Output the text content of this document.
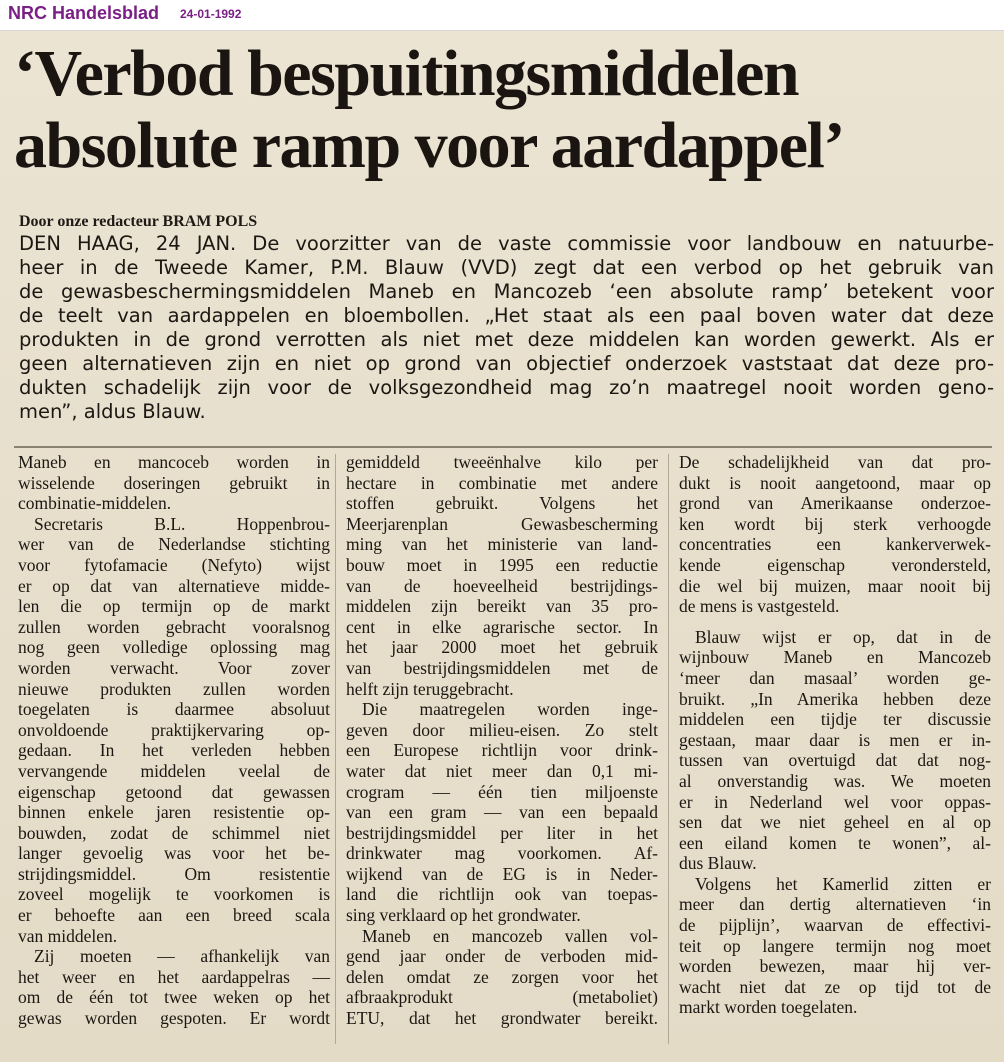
NRC Handelsblad 24-01-1992
‘Verbod bespuitingsmiddelen
absolute ramp voor aardappel’
Door onze redacteur BRAM POLS
DEN HAAG, 24 JAN. De voorzitter van de vaste commissie voor landbouw en natuurbe-
heer in de Tweede Kamer, P.M. Blauw (VVD) zegt dat een verbod op het gebruik van
de gewasbeschermingsmiddelen Maneb en Mancozeb ‘een absolute ramp’ betekent voor
de teelt van aardappelen en bloembollen. „Het staat als een paal boven water dat deze
produkten in de grond verrotten als niet met deze middelen kan worden gewerkt. Als er
geen alternatieven zijn en niet op grond van objectief onderzoek vaststaat dat deze pro-
dukten schadelijk zijn voor de volksgezondheid mag zo’n maatregel nooit worden geno-
men”, aldus Blauw.
Maneb en mancoceb worden in
wisselende doseringen gebruikt in
combinatie-middelen.
Secretaris B.L. Hoppenbrou-
wer van de Nederlandse stichting
voor fytofamacie (Nefyto) wijst
er op dat van alternatieve midde-
len die op termijn op de markt
zullen worden gebracht vooralsnog
nog geen volledige oplossing mag
worden verwacht. Voor zover
nieuwe produkten zullen worden
toegelaten is daarmee absoluut
onvoldoende praktijkervaring op-
gedaan. In het verleden hebben
vervangende middelen veelal de
eigenschap getoond dat gewassen
binnen enkele jaren resistentie op-
bouwden, zodat de schimmel niet
langer gevoelig was voor het be-
strijdingsmiddel. Om resistentie
zoveel mogelijk te voorkomen is
er behoefte aan een breed scala
van middelen.
Zij moeten — afhankelijk van
het weer en het aardappelras —
om de één tot twee weken op het
gewas worden gespoten. Er wordt
gemiddeld tweeënhalve kilo per
hectare in combinatie met andere
stoffen gebruikt. Volgens het
Meerjarenplan Gewasbescherming
ming van het ministerie van land-
bouw moet in 1995 een reductie
van de hoeveelheid bestrijdings-
middelen zijn bereikt van 35 pro-
cent in elke agrarische sector. In
het jaar 2000 moet het gebruik
van bestrijdingsmiddelen met de
helft zijn teruggebracht.
Die maatregelen worden inge-
geven door milieu-eisen. Zo stelt
een Europese richtlijn voor drink-
water dat niet meer dan 0,1 mi-
crogram — één tien miljoenste
van een gram — van een bepaald
bestrijdingsmiddel per liter in het
drinkwater mag voorkomen. Af-
wijkend van de EG is in Neder-
land die richtlijn ook van toepas-
sing verklaard op het grondwater.
Maneb en mancozeb vallen vol-
gend jaar onder de verboden mid-
delen omdat ze zorgen voor het
afbraakprodukt (metaboliet)
ETU, dat het grondwater bereikt.
De schadelijkheid van dat pro-
dukt is nooit aangetoond, maar op
grond van Amerikaanse onderzoe-
ken wordt bij sterk verhoogde
concentraties een kankerverwek-
kende eigenschap verondersteld,
die wel bij muizen, maar nooit bij
de mens is vastgesteld.
Blauw wijst er op, dat in de
wijnbouw Maneb en Mancozeb
‘meer dan masaal’ worden ge-
bruikt. „In Amerika hebben deze
middelen een tijdje ter discussie
gestaan, maar daar is men er in-
tussen van overtuigd dat dat nog-
al onverstandig was. We moeten
er in Nederland wel voor oppas-
sen dat we niet geheel en al op
een eiland komen te wonen”, al-
dus Blauw.
Volgens het Kamerlid zitten er
meer dan dertig alternatieven ‘in
de pijplijn’, waarvan de effectivi-
teit op langere termijn nog moet
worden bewezen, maar hij ver-
wacht niet dat ze op tijd tot de
markt worden toegelaten.
